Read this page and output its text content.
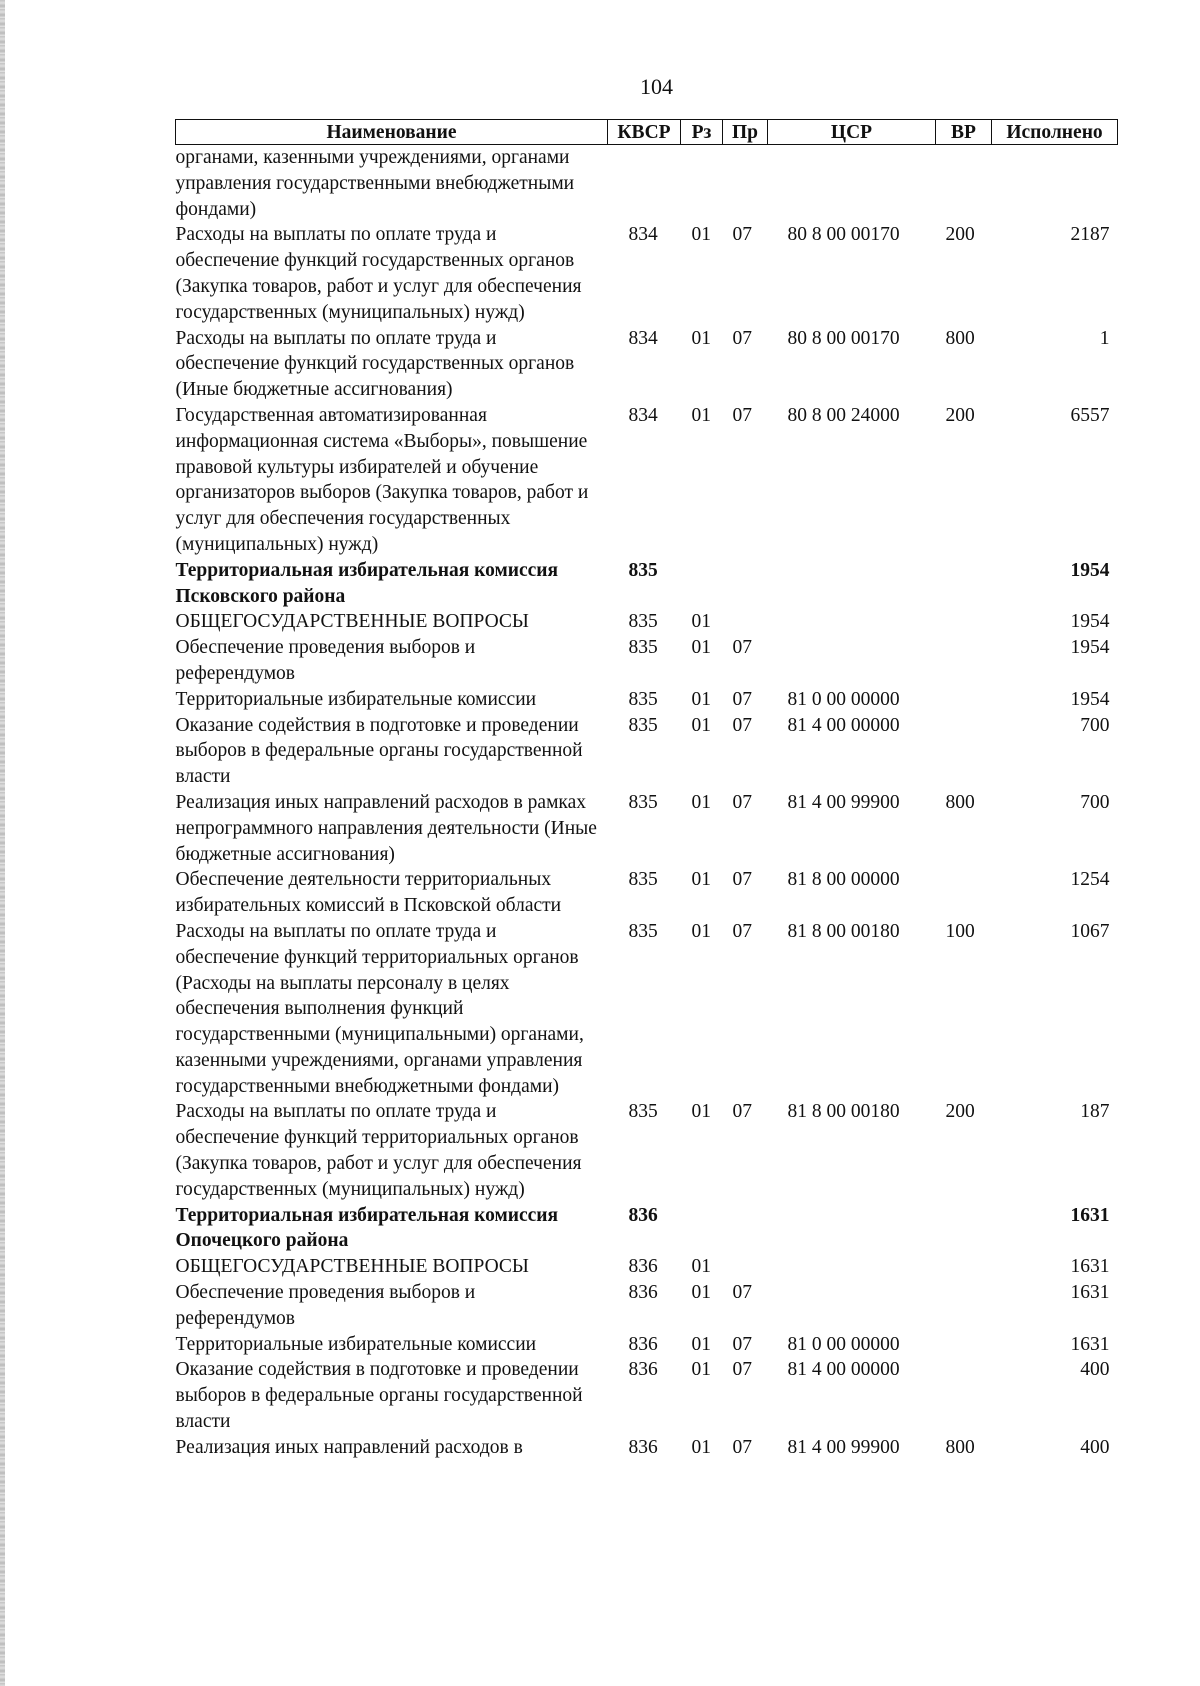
104
Наименование	КВСР	Рз	Пр	ЦСР	ВР	Исполнено
органами, казенными учреждениями, органами управления государственными внебюджетными фондами)						
Расходы на выплаты по оплате труда и обеспечение функций государственных органов (Закупка товаров, работ и услуг для обеспечения государственных (муниципальных) нужд)	834	01	07	80 8 00 00170	200	2187
Расходы на выплаты по оплате труда и обеспечение функций государственных органов (Иные бюджетные ассигнования)	834	01	07	80 8 00 00170	800	1
Государственная автоматизированная информационная система «Выборы», повышение правовой культуры избирателей и обучение организаторов выборов (Закупка товаров, работ и услуг для обеспечения государственных (муниципальных) нужд)	834	01	07	80 8 00 24000	200	6557
Территориальная избирательная комиссия Псковского района	835					1954
ОБЩЕГОСУДАРСТВЕННЫЕ ВОПРОСЫ	835	01				1954
Обеспечение проведения выборов и референдумов	835	01	07			1954
Территориальные избирательные комиссии	835	01	07	81 0 00 00000		1954
Оказание содействия в подготовке и проведении выборов в федеральные органы государственной власти	835	01	07	81 4 00 00000		700
Реализация иных направлений расходов в рамках непрограммного направления деятельности (Иные бюджетные ассигнования)	835	01	07	81 4 00 99900	800	700
Обеспечение деятельности территориальных избирательных комиссий в Псковской области	835	01	07	81 8 00 00000		1254
Расходы на выплаты по оплате труда и обеспечение функций территориальных органов (Расходы на выплаты персоналу в целях обеспечения выполнения функций государственными (муниципальными) органами, казенными учреждениями, органами управления государственными внебюджетными фондами)	835	01	07	81 8 00 00180	100	1067
Расходы на выплаты по оплате труда и обеспечение функций территориальных органов (Закупка товаров, работ и услуг для обеспечения государственных (муниципальных) нужд)	835	01	07	81 8 00 00180	200	187
Территориальная избирательная комиссия Опочецкого района	836					1631
ОБЩЕГОСУДАРСТВЕННЫЕ ВОПРОСЫ	836	01				1631
Обеспечение проведения выборов и референдумов	836	01	07			1631
Территориальные избирательные комиссии	836	01	07	81 0 00 00000		1631
Оказание содействия в подготовке и проведении выборов в федеральные органы государственной власти	836	01	07	81 4 00 00000		400
Реализация иных направлений расходов в	836	01	07	81 4 00 99900	800	400
